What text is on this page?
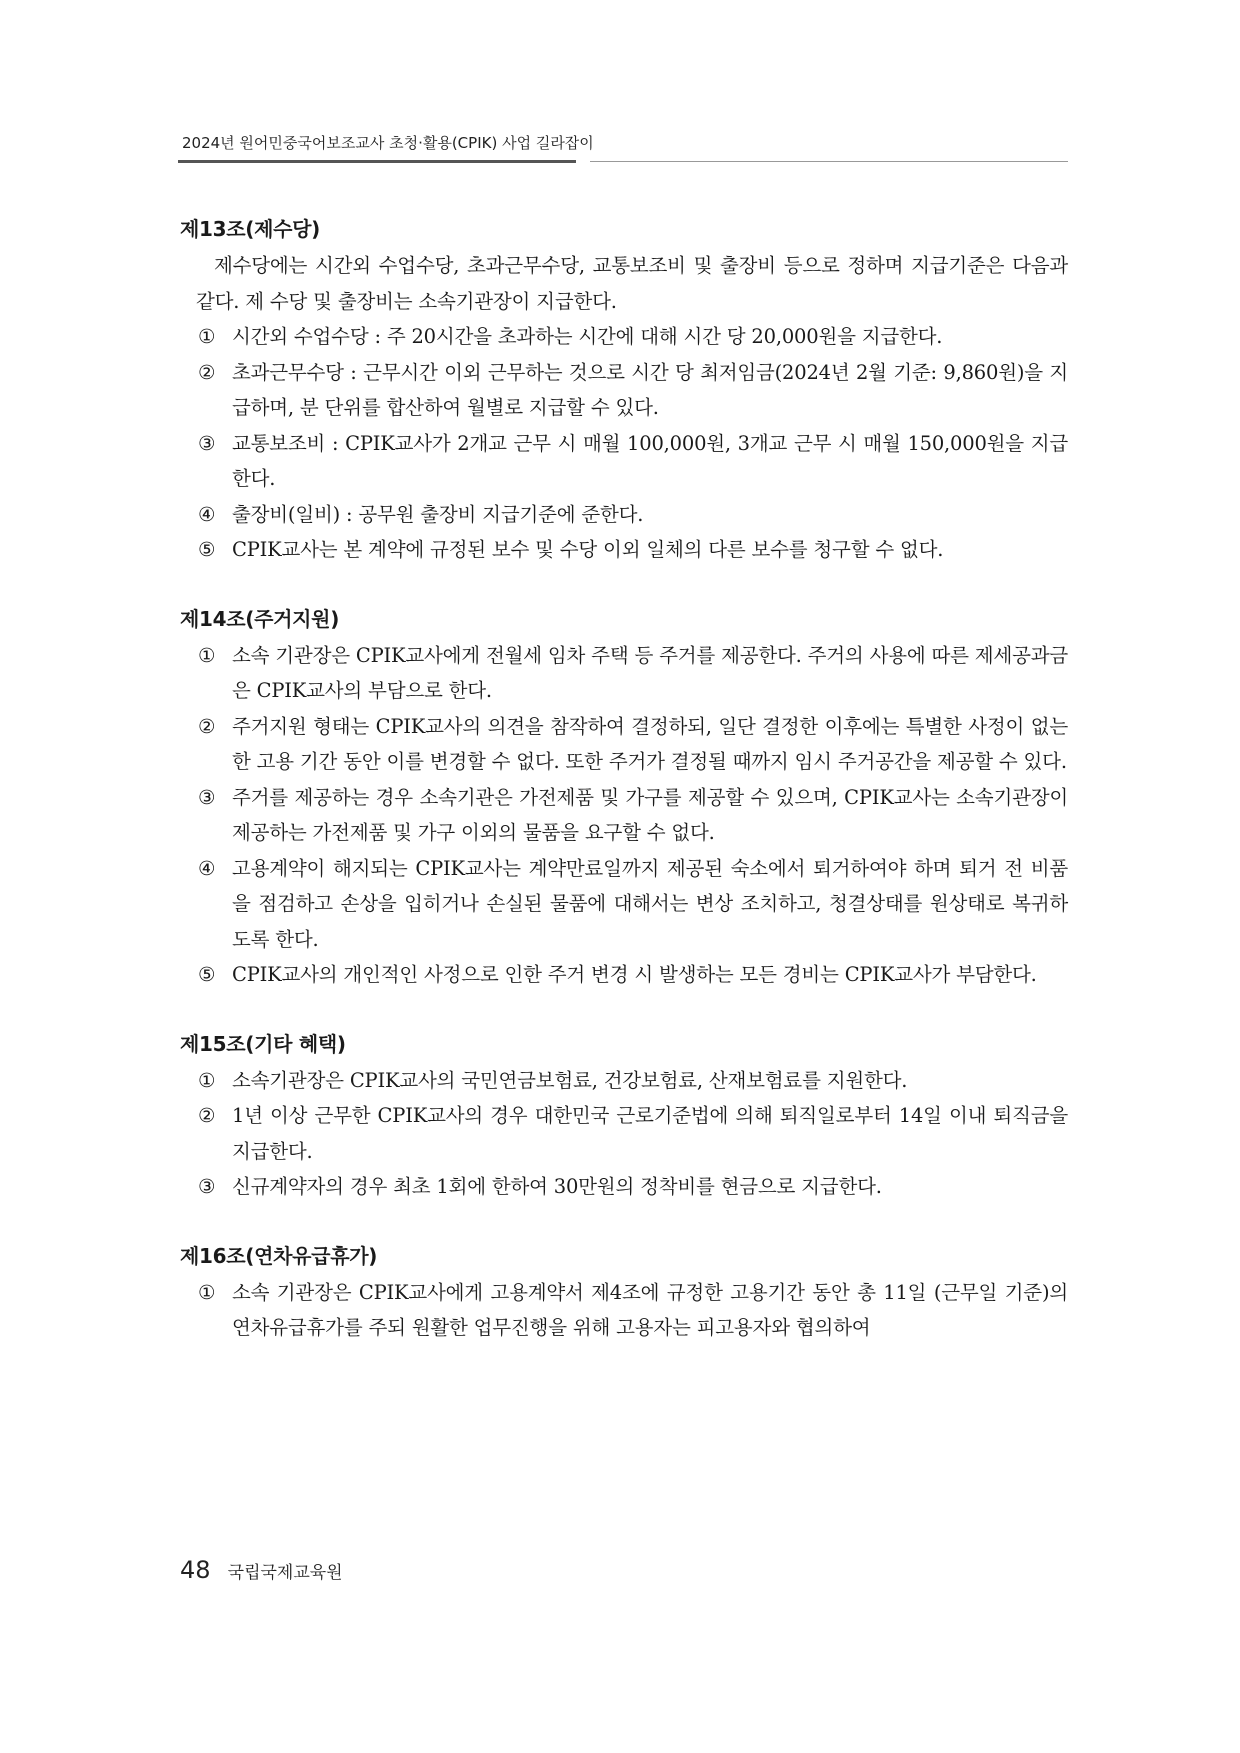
2024년 원어민중국어보조교사 초청·활용(CPIK) 사업 길라잡이
제13조(제수당)
제수당에는 시간외 수업수당, 초과근무수당, 교통보조비 및 출장비 등으로 정하며 지급기준은 다음과 같다. 제 수당 및 출장비는 소속기관장이 지급한다.
① 시간외 수업수당 : 주 20시간을 초과하는 시간에 대해 시간 당 20,000원을 지급한다.
② 초과근무수당 : 근무시간 이외 근무하는 것으로 시간 당 최저임금(2024년 2월 기준: 9,860원)을 지급하며, 분 단위를 합산하여 월별로 지급할 수 있다.
③ 교통보조비 : CPIK교사가 2개교 근무 시 매월 100,000원, 3개교 근무 시 매월 150,000원을 지급한다.
④ 출장비(일비) : 공무원 출장비 지급기준에 준한다.
⑤ CPIK교사는 본 계약에 규정된 보수 및 수당 이외 일체의 다른 보수를 청구할 수 없다.
제14조(주거지원)
① 소속 기관장은 CPIK교사에게 전월세 임차 주택 등 주거를 제공한다. 주거의 사용에 따른 제세공과금은 CPIK교사의 부담으로 한다.
② 주거지원 형태는 CPIK교사의 의견을 참작하여 결정하되, 일단 결정한 이후에는 특별한 사정이 없는 한 고용 기간 동안 이를 변경할 수 없다. 또한 주거가 결정될 때까지 임시 주거공간을 제공할 수 있다.
③ 주거를 제공하는 경우 소속기관은 가전제품 및 가구를 제공할 수 있으며, CPIK교사는 소속기관장이 제공하는 가전제품 및 가구 이외의 물품을 요구할 수 없다.
④ 고용계약이 해지되는 CPIK교사는 계약만료일까지 제공된 숙소에서 퇴거하여야 하며 퇴거 전 비품을 점검하고 손상을 입히거나 손실된 물품에 대해서는 변상 조치하고, 청결상태를 원상태로 복귀하도록 한다.
⑤ CPIK교사의 개인적인 사정으로 인한 주거 변경 시 발생하는 모든 경비는 CPIK교사가 부담한다.
제15조(기타 혜택)
① 소속기관장은 CPIK교사의 국민연금보험료, 건강보험료, 산재보험료를 지원한다.
② 1년 이상 근무한 CPIK교사의 경우 대한민국 근로기준법에 의해 퇴직일로부터 14일 이내 퇴직금을 지급한다.
③ 신규계약자의 경우 최초 1회에 한하여 30만원의 정착비를 현금으로 지급한다.
제16조(연차유급휴가)
① 소속 기관장은 CPIK교사에게 고용계약서 제4조에 규정한 고용기간 동안 총 11일 (근무일 기준)의 연차유급휴가를 주되 원활한 업무진행을 위해 고용자는 피고용자와 협의하여
48 국립국제교육원
